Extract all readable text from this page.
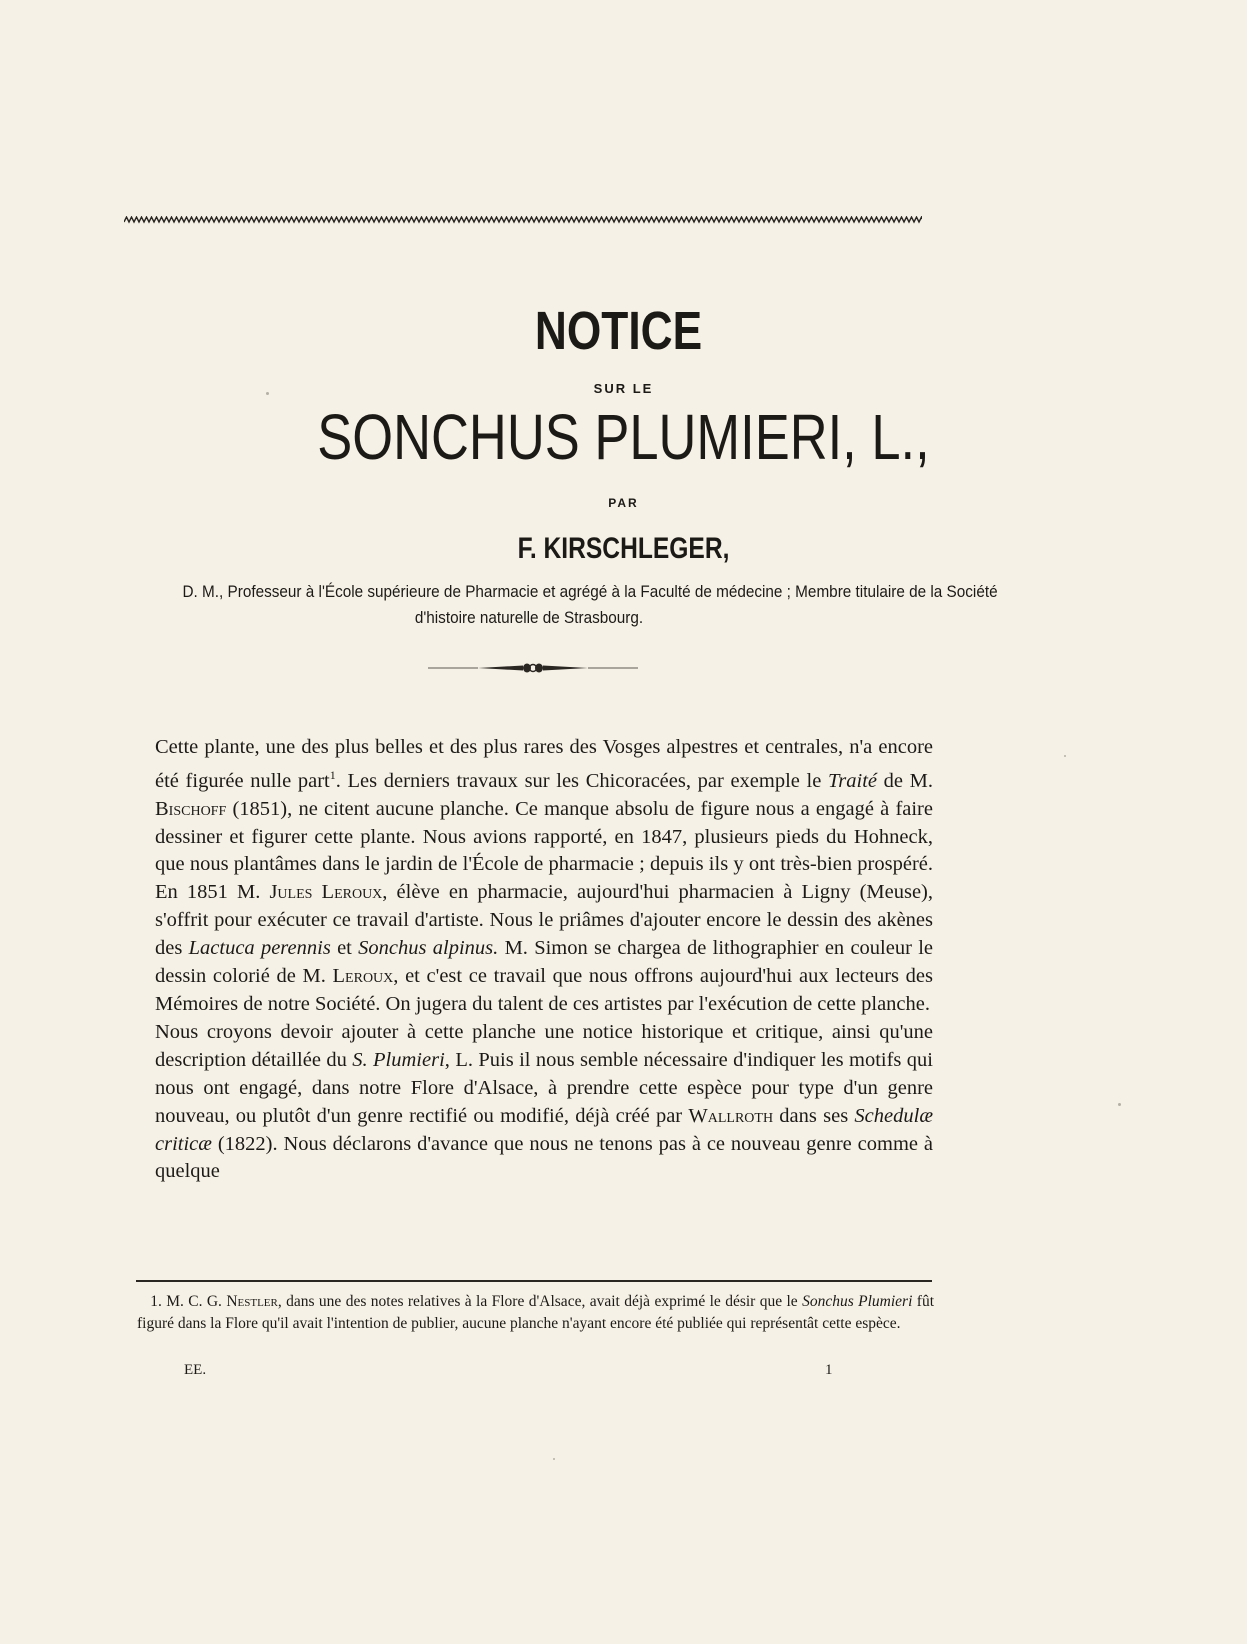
NOTICE
SUR LE
SONCHUS PLUMIERI, L.,
PAR
F. KIRSCHLEGER,
D. M., Professeur à l'École supérieure de Pharmacie et agrégé à la Faculté de médecine ; Membre titulaire de la Société
d'histoire naturelle de Strasbourg.

Cette plante, une des plus belles et des plus rares des Vosges alpestres et centrales, n'a encore été figurée nulle part$^1$. Les derniers travaux sur les Chicoracées, par exemple le Traité de M. Bischoff (1851), ne citent aucune planche. Ce manque absolu de figure nous a engagé à faire dessiner et figurer cette plante. Nous avions rapporté, en 1847, plusieurs pieds du Hohneck, que nous plantâmes dans le jardin de l'École de pharmacie ; depuis ils y ont très-bien prospéré. En 1851 M. Jules Leroux, élève en pharmacie, aujourd'hui pharmacien à Ligny (Meuse), s'offrit pour exécuter ce travail d'artiste. Nous le priâmes d'ajouter encore le dessin des akènes des Lactuca perennis et Sonchus alpinus. M. Simon se chargea de lithographier en couleur le dessin colorié de M. Leroux, et c'est ce travail que nous offrons aujourd'hui aux lecteurs des Mémoires de notre Société. On jugera du talent de ces artistes par l'exécution de cette planche.

Nous croyons devoir ajouter à cette planche une notice historique et critique, ainsi qu'une description détaillée du S. Plumieri, L. Puis il nous semble nécessaire d'indiquer les motifs qui nous ont engagé, dans notre Flore d'Alsace, à prendre cette espèce pour type d'un genre nouveau, ou plutôt d'un genre rectifié ou modifié, déjà créé par Wallroth dans ses Schedulæ criticæ (1822). Nous déclarons d'avance que nous ne tenons pas à ce nouveau genre comme à quelque

1. M. C. G. Nestler, dans une des notes relatives à la Flore d'Alsace, avait déjà exprimé le désir que le Sonchus Plumieri fût figuré dans la Flore qu'il avait l'intention de publier, aucune planche n'ayant encore été publiée qui représentât cette espèce.
EE.	1
